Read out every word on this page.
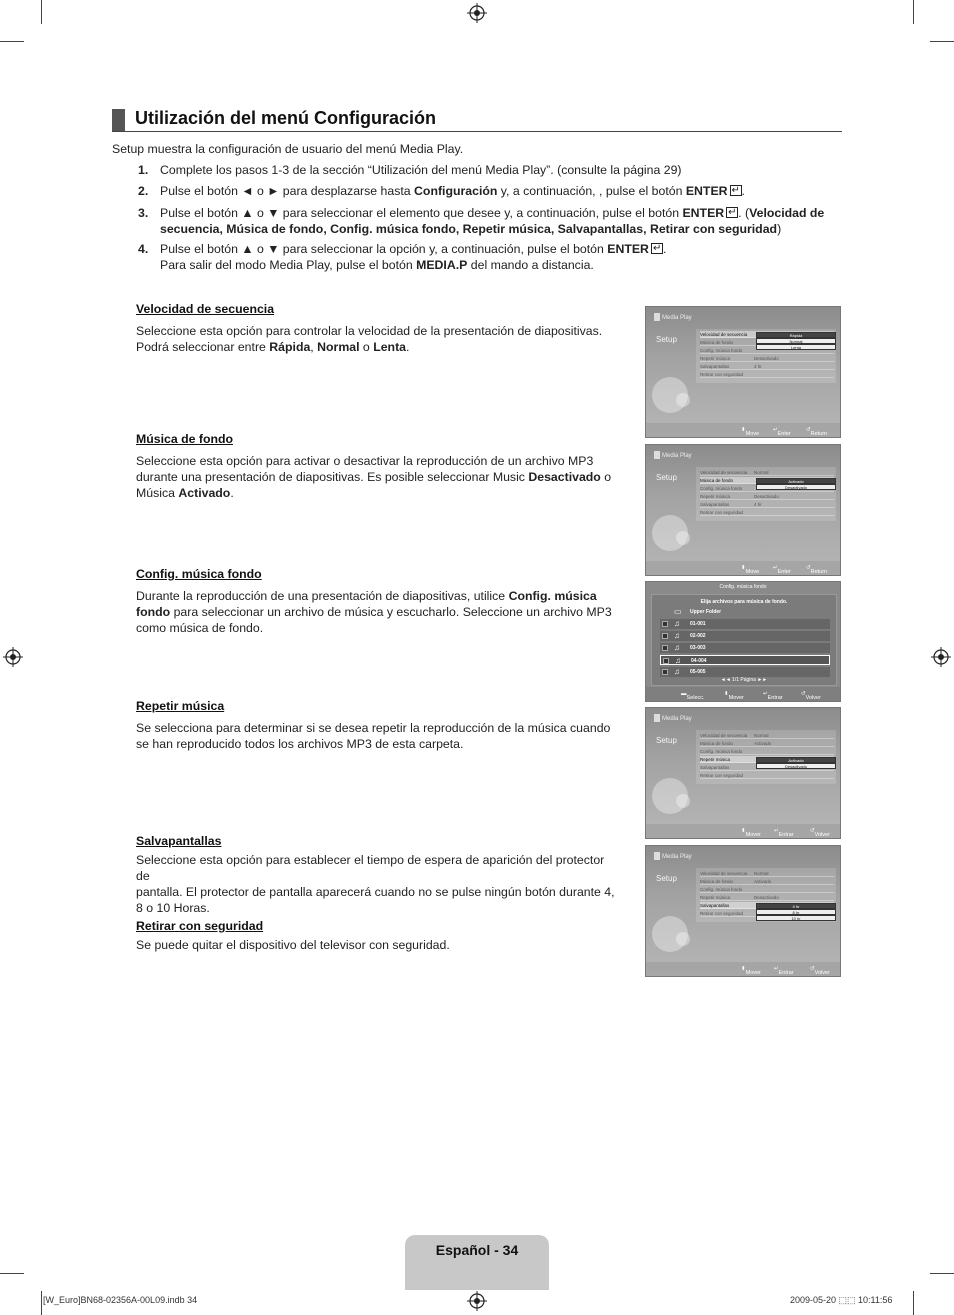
Utilización del menú Configuración
Setup muestra la configuración de usuario del menú Media Play.
1. Complete los pasos 1-3 de la sección “Utilización del menú Media Play”. (consulte la página 29)
2. Pulse el botón ◄ o ► para desplazarse hasta Configuración y, a continuación, , pulse el botón ENTER ↵ .
3. Pulse el botón ▲ o ▼ para seleccionar el elemento que desee y, a continuación, pulse el botón ENTER ↵ . (Velocidad de secuencia, Música de fondo, Config. música fondo, Repetir música, Salvapantallas, Retirar con seguridad)
4. Pulse el botón ▲ o ▼ para seleccionar la opción y, a continuación, pulse el botón ENTER ↵ .
Para salir del modo Media Play, pulse el botón MEDIA.P del mando a distancia.
Velocidad de secuencia
Seleccione esta opción para controlar la velocidad de la presentación de diapositivas.
Podrá seleccionar entre Rápida, Normal o Lenta.
Música de fondo
Seleccione esta opción para activar o desactivar la reproducción de un archivo MP3
durante una presentación de diapositivas. Es posible seleccionar Music Desactivado o
Música Activado.
Config. música fondo
Durante la reproducción de una presentación de diapositivas, utilice Config. música
fondo para seleccionar un archivo de música y escucharlo. Seleccione un archivo MP3
como música de fondo.
Repetir música
Se selecciona para determinar si se desea repetir la reproducción de la música cuando
se han reproducido todos los archivos MP3 de esta carpeta.
Salvapantallas
Seleccione esta opción para establecer el tiempo de espera de aparición del protector de
pantalla. El protector de pantalla aparecerá cuando no se pulse ningún botón durante 4,
8 o 10 Horas.
Retirar con seguridad
Se puede quitar el dispositivo del televisor con seguridad.
Media Play
Setup
Velocidad de secuencia
Música de fondo
Config. música fondo
Repetir música	Desactivado
Salvapantallas	4 hr
Retirar con seguridad
Rápida
Normal
Lenta
⬍
Move
↵
Enter
↺
Return
Media Play
Setup
Velocidad de secuencia Normal
Música de fondo
Config. música fondo
Repetir música	Desactivado
Salvapantallas	4 hr
Retirar con seguridad
Activado
Desactivado
⬍
Move
↵
Enter
↺
Return
Config. música fondo
Elija archivos para música de fondo.
▭ Upper Folder
♫ 01-001
♫ 02-002
♫ 03-003
♫ 04-004
♫ 05-005
◄◄ 1/1 Página ►►
▬
Selecc.
⬍
Mover
↵
Entrar
↺
Volver
Media Play
Setup
Velocidad de secuencia Normal
Música de fondo	Activado
Config. música fondo
Repetir música
Salvapantallas
Retirar con seguridad
Activado
Desactivado
⬍
Mover
↵
Entrar
↺
Volver
Media Play
Setup
Velocidad de secuencia Normal
Música de fondo	Activado
Config. música fondo
Repetir música	Desactivado
Salvapantallas
Retirar con seguridad
4 hr
8 hr
10 hr
⬍
Mover
↵
Entrar
↺
Volver
Español - 34
[W_Euro]BN68-02356A-00L09.indb 34	2009-05-20 ⬚⬚ 10:11:56
